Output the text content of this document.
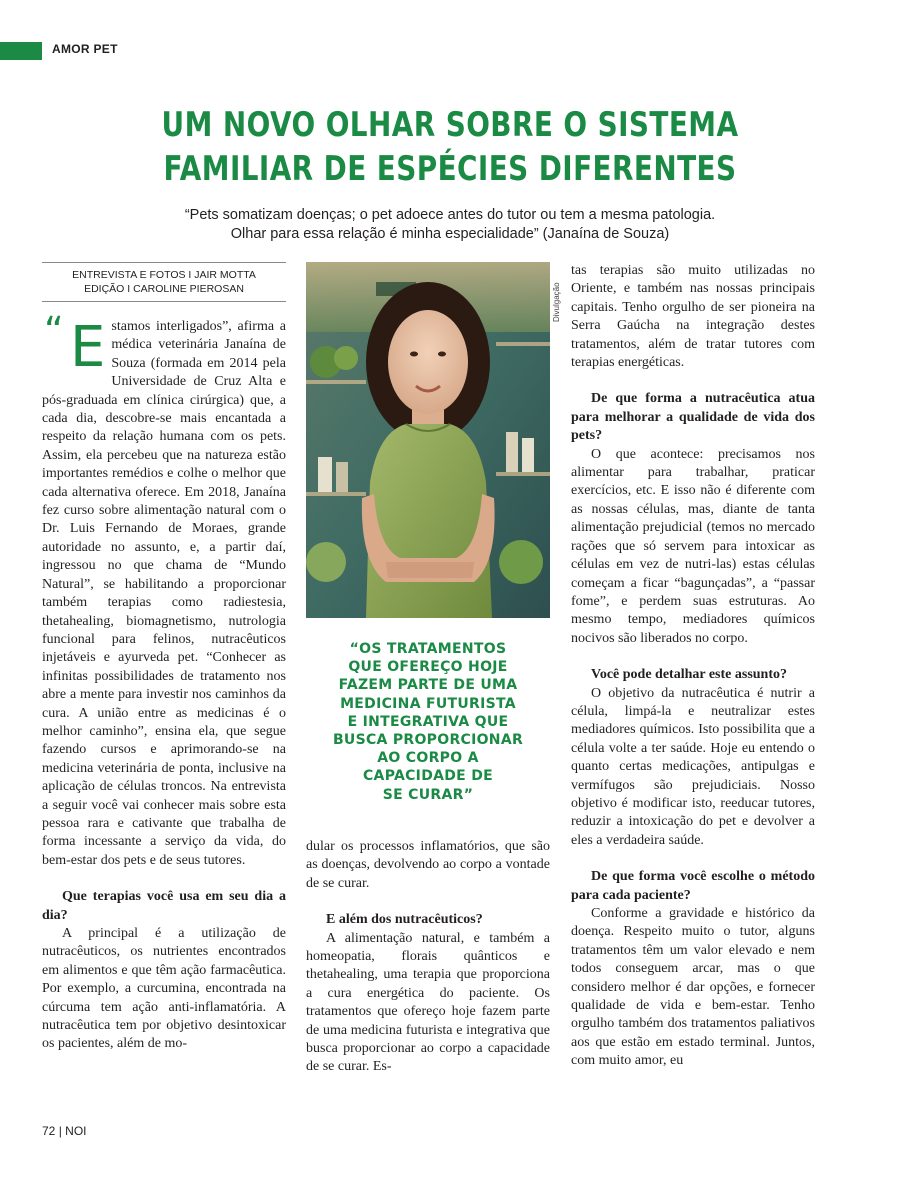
AMOR PET
UM NOVO OLHAR SOBRE O SISTEMA
FAMILIAR DE ESPÉCIES DIFERENTES
“Pets somatizam doenças; o pet adoece antes do tutor ou tem a mesma patologia.
Olhar para essa relação é minha especialidade” (Janaína de Souza)
ENTREVISTA E FOTOS I JAIR MOTTA
EDIÇÃO I CAROLINE PIEROSAN
“ E stamos interligados”, afirma a médica veterinária Janaína de Souza (formada em 2014 pela Universidade de Cruz Alta e pós-graduada em clínica cirúrgica) que, a cada dia, descobre-se mais encantada a respeito da relação humana com os pets. Assim, ela percebeu que na natureza estão importantes remédios e colhe o melhor que cada alternativa oferece. Em 2018, Janaína fez curso sobre alimentação natural com o Dr. Luis Fernando de Moraes, grande autoridade no assunto, e, a partir daí, ingressou no que chama de “Mundo Natural”, se habilitando a proporcionar também terapias como radiestesia, thetahealing, biomagnetismo, nutrologia funcional para felinos, nutracêuticos injetáveis e ayurveda pet. “Conhecer as infinitas possibilidades de tratamento nos abre a mente para investir nos caminhos da cura. A união entre as medicinas é o melhor caminho”, ensina ela, que segue fazendo cursos e aprimorando-se na medicina veterinária de ponta, inclusive na aplicação de células troncos. Na entrevista a seguir você vai conhecer mais sobre esta pessoa rara e cativante que trabalha de forma incessante a serviço da vida, do bem-estar dos pets e de seus tutores.

Que terapias você usa em seu dia a dia?

A principal é a utilização de nutracêuticos, os nutrientes encontrados em alimentos e que têm ação farmacêutica. Por exemplo, a curcumina, encontrada na cúrcuma tem ação anti-inflamatória. A nutracêutica tem por objetivo desintoxicar os pacientes, além de mo-

Divulgação
“OS TRATAMENTOS
QUE OFEREÇO HOJE
FAZEM PARTE DE UMA
MEDICINA FUTURISTA
E INTEGRATIVA QUE
BUSCA PROPORCIONAR
AO CORPO A
CAPACIDADE DE
SE CURAR”

dular os processos inflamatórios, que são as doenças, devolvendo ao corpo a vontade de se curar.

E além dos nutracêuticos?

A alimentação natural, e também a homeopatia, florais quânticos e thetahealing, uma terapia que proporciona a cura energética do paciente. Os tratamentos que ofereço hoje fazem parte de uma medicina futurista e integrativa que busca proporcionar ao corpo a capacidade de se curar. Es-

tas terapias são muito utilizadas no Oriente, e também nas nossas principais capitais. Tenho orgulho de ser pioneira na Serra Gaúcha na integração destes tratamentos, além de tratar tutores com terapias energéticas.

De que forma a nutracêutica atua para melhorar a qualidade de vida dos pets?

O que acontece: precisamos nos alimentar para trabalhar, praticar exercícios, etc. E isso não é diferente com as nossas células, mas, diante de tanta alimentação prejudicial (temos no mercado rações que só servem para intoxicar as células em vez de nutri-las) estas células começam a ficar “bagunçadas”, a “passar fome”, e perdem suas estruturas. Ao mesmo tempo, mediadores químicos nocivos são liberados no corpo.

Você pode detalhar este assunto?

O objetivo da nutracêutica é nutrir a célula, limpá-la e neutralizar estes mediadores químicos. Isto possibilita que a célula volte a ter saúde. Hoje eu entendo o quanto certas medicações, antipulgas e vermífugos são prejudiciais. Nosso objetivo é modificar isto, reeducar tutores, reduzir a intoxicação do pet e devolver a eles a verdadeira saúde.

De que forma você escolhe o método para cada paciente?

Conforme a gravidade e histórico da doença. Respeito muito o tutor, alguns tratamentos têm um valor elevado e nem todos conseguem arcar, mas o que considero melhor é dar opções, e fornecer qualidade de vida e bem-estar. Tenho orgulho também dos tratamentos paliativos aos que estão em estado terminal. Juntos, com muito amor, eu

72 | NOI
